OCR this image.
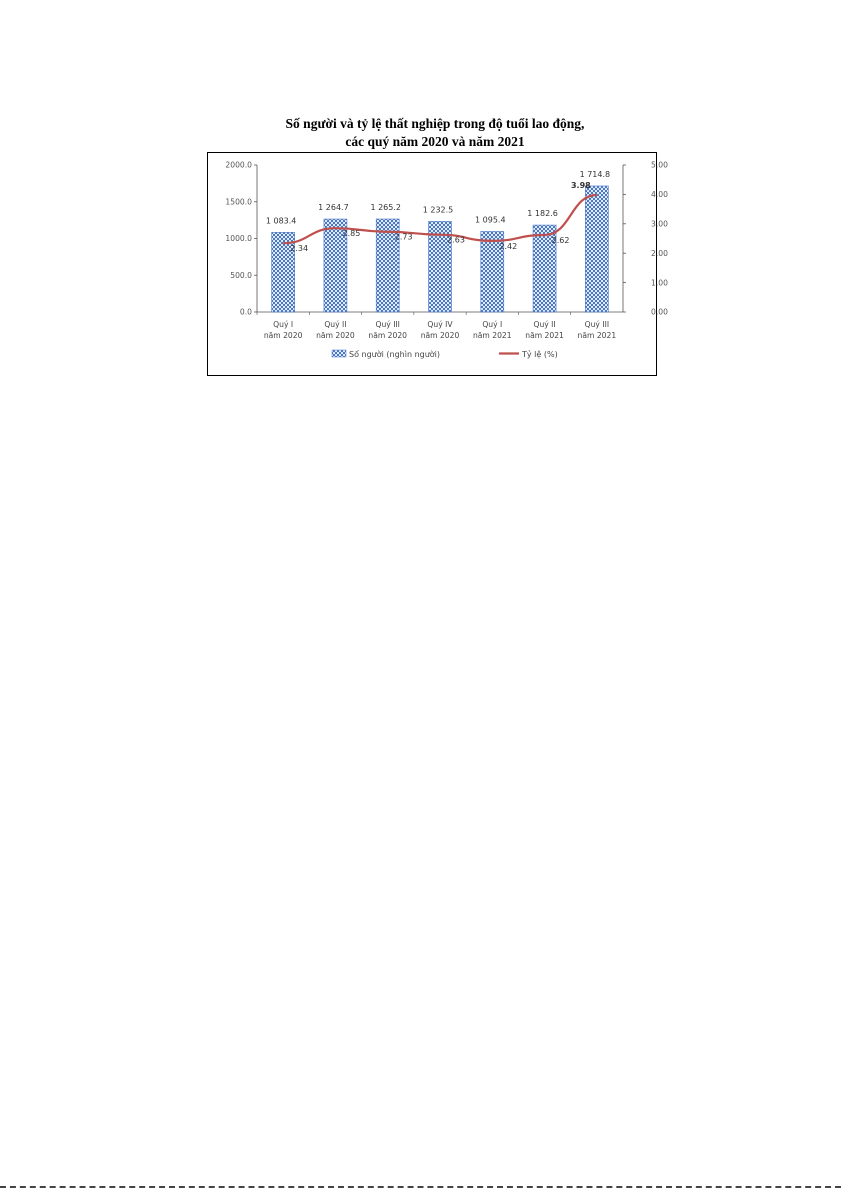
Số người và tỷ lệ thất nghiệp trong độ tuổi lao động,
các quý năm 2020 và năm 2021
0.0
500.0
1000.0
1500.0
2000.0
0.00
1.00
2.00
3.00
4.00
5.00
Quý I năm 2020
Quý II năm 2020
Quý III năm 2020
Quý IV năm 2020
Quý I năm 2021
Quý II năm 2021
Quý III năm 2021
1 083.4
1 264.7	1 265.2	1 232.5
1 095.4
1 182.6
1 714.8
2.34
2.85	2.73	2.63
2.42
2.62
3.98
Số người (nghìn người)	Tỷ lệ (%)
